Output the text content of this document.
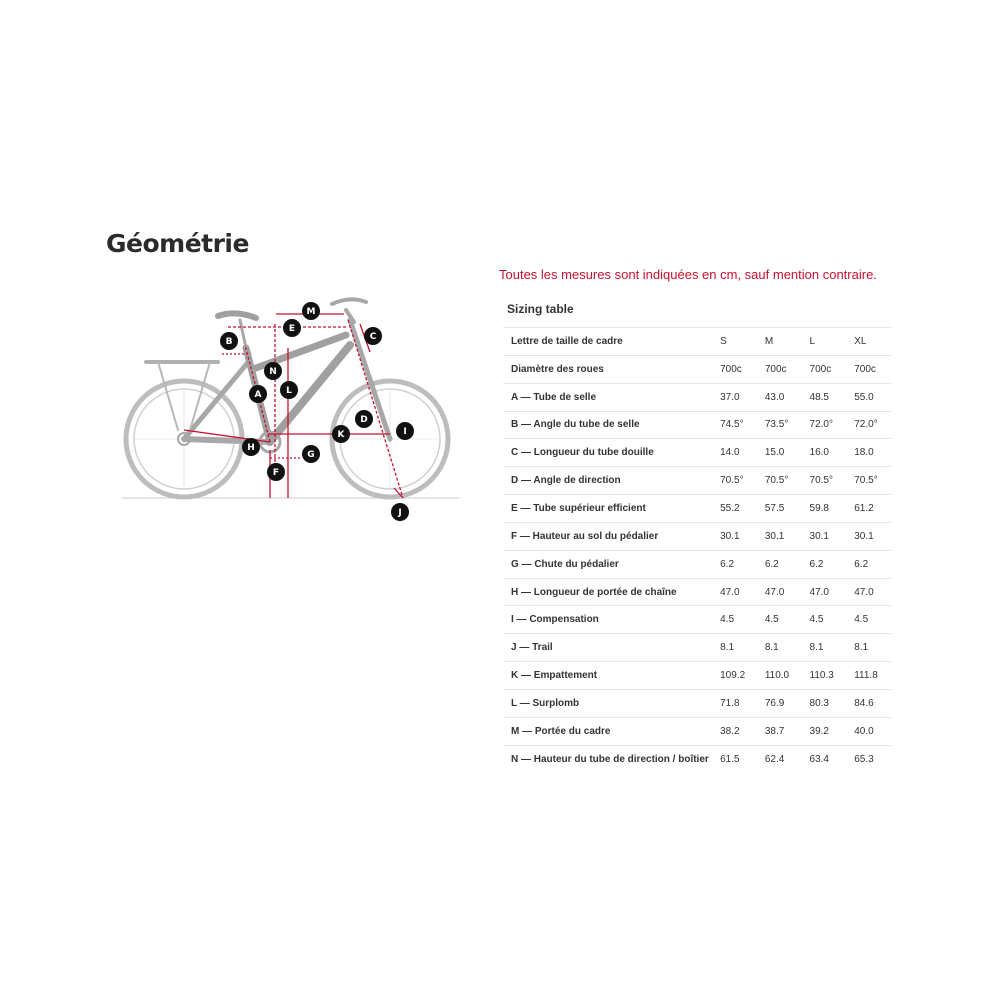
Géométrie
M
E
C
B
N
L
A
D
K	I
H
G
F
J
Toutes les mesures sont indiquées en cm, sauf mention contraire.
Sizing table
Lettre de taille de cadre	S	M	L	XL
Diamètre des roues	700c	700c	700c	700c
A — Tube de selle	37.0	43.0	48.5	55.0
B — Angle du tube de selle	74.5°	73.5°	72.0°	72.0°
C — Longueur du tube douille	14.0	15.0	16.0	18.0
D — Angle de direction	70.5°	70.5°	70.5°	70.5°
E — Tube supérieur efficient	55.2	57.5	59.8	61.2
F — Hauteur au sol du pédalier	30.1	30.1	30.1	30.1
G — Chute du pédalier	6.2	6.2	6.2	6.2
H — Longueur de portée de chaîne	47.0	47.0	47.0	47.0
I — Compensation	4.5	4.5	4.5	4.5
J — Trail	8.1	8.1	8.1	8.1
K — Empattement	109.2	110.0	110.3	111.8
L — Surplomb	71.8	76.9	80.3	84.6
M — Portée du cadre	38.2	38.7	39.2	40.0
N — Hauteur du tube de direction / boîtier	61.5	62.4	63.4	65.3
